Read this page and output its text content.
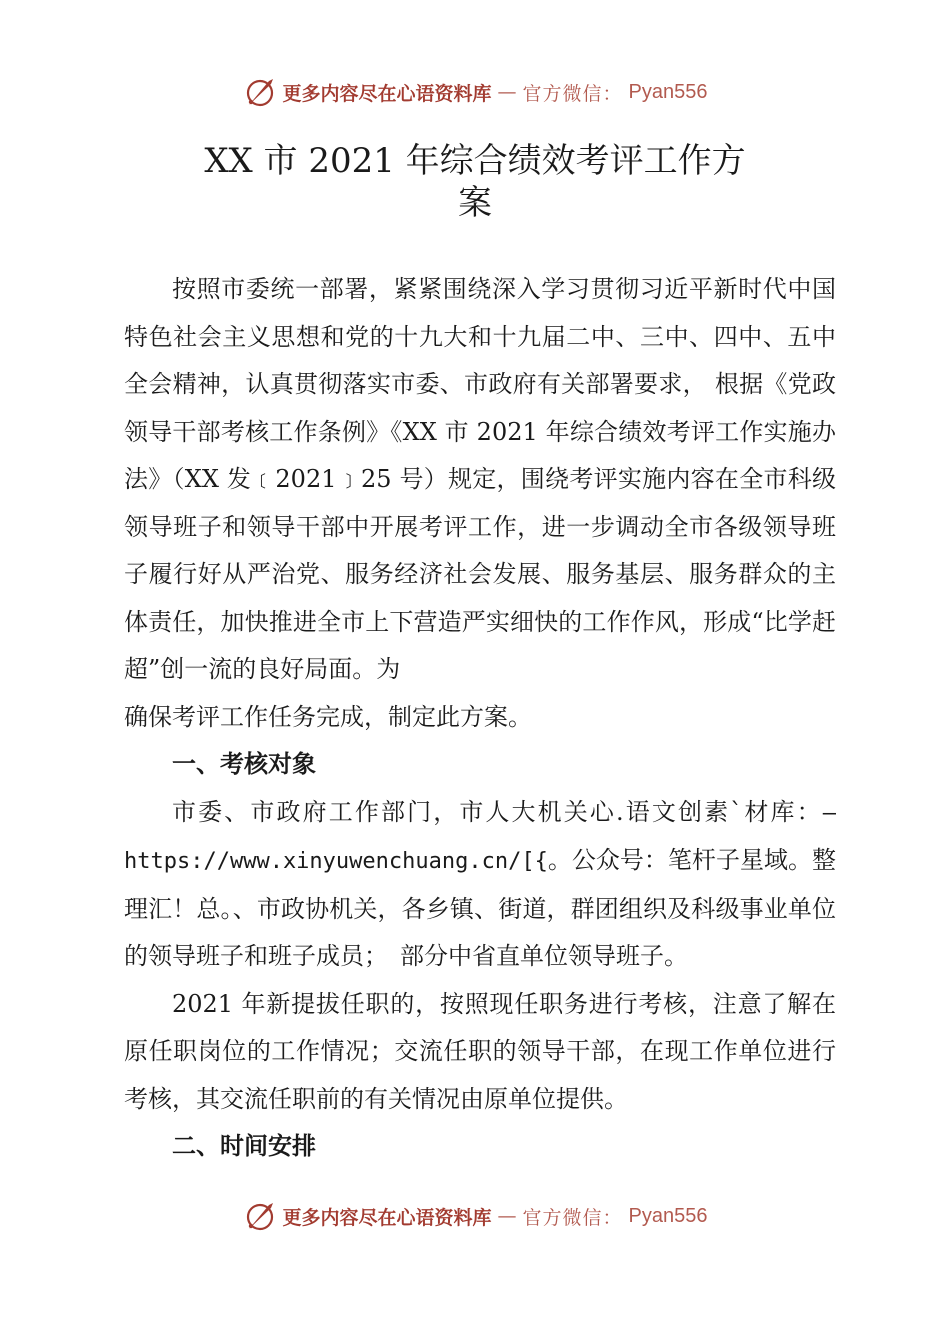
更多内容尽在心语资料库 — 官方微信： Pyan556
XX 市 2021 年综合绩效考评工作方
案

按照市委统一部署，紧紧围绕深入学习贯彻习近平新时代中国特色社会主义思想和党的十九大和十九届二中、三中、四中、五中全会精神，认真贯彻落实市委、市政府有关部署要求， 根据《党政领导干部考核工作条例》《XX 市 2021 年综合绩效考评工作实施办法》（XX 发﹝2021﹞25 号）规定，围绕考评实施内容在全市科级领导班子和领导干部中开展考评工作，进一步调动全市各级领导班子履行好从严治党、服务经济社会发展、服务基层、服务群众的主体责任，加快推进全市上下营造严实细快的工作作风，形成“比学赶超”创一流的良好局面。为

确保考评工作任务完成，制定此方案。

一、考核对象

市委、市政府工作部门，市人大机关心.语文创素`材库：—https://www.xinyuwenchuang.cn/[{。公众号：笔杆子星域。整理汇！总。、市政协机关，各乡镇、街道，群团组织及科级事业单位的领导班子和班子成员；　部分中省直单位领导班子。

2021 年新提拔任职的，按照现任职务进行考核，注意了解在原任职岗位的工作情况；交流任职的领导干部，在现工作单位进行考核，其交流任职前的有关情况由原单位提供。

二、时间安排
更多内容尽在心语资料库 — 官方微信： Pyan556
